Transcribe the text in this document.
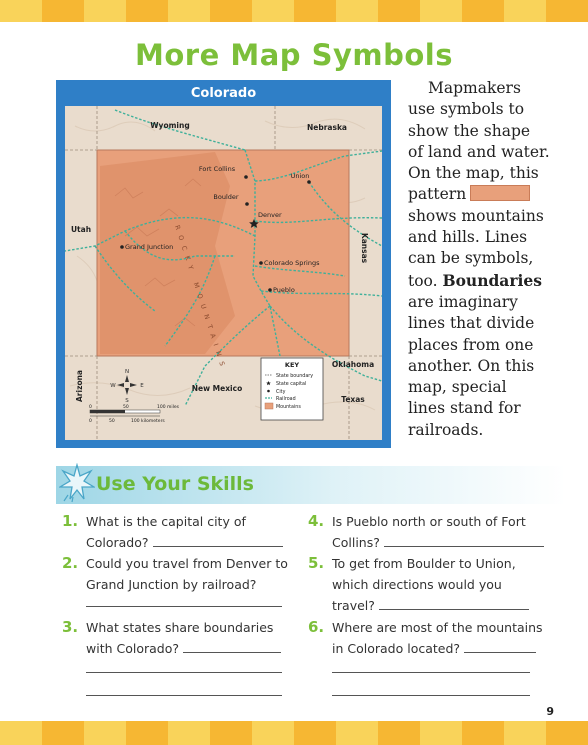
More Map Symbols
Colorado
Fort Collins
Union
Boulder
Denver
Grand Junction
Colorado Springs
Pueblo
Wyoming	Nebraska
Utah
Kansas
Arizona	New Mexico
Oklahoma
Texas
ROCKY MOUNTAINS
N
S
W	E
0	50	100 miles
0	50	100 kilometers
KEY
State boundary
State capital
City
Railroad
Mountains
Mapmakers
use symbols to
show the shape
of land and water.
On the map, this
pattern
shows mountains
and hills. Lines
can be symbols,
too. Boundaries
are imaginary
lines that divide
places from one
another. On this
map, special
lines stand for
railroads.
Use Your Skills
1. What is the capital city of
Colorado?
2. Could you travel from Denver to
Grand Junction by railroad?
3. What states share boundaries
with Colorado?
4. Is Pueblo north or south of Fort
Collins?
5. To get from Boulder to Union,
which directions would you
travel?
6. Where are most of the mountains
in Colorado located?
9
